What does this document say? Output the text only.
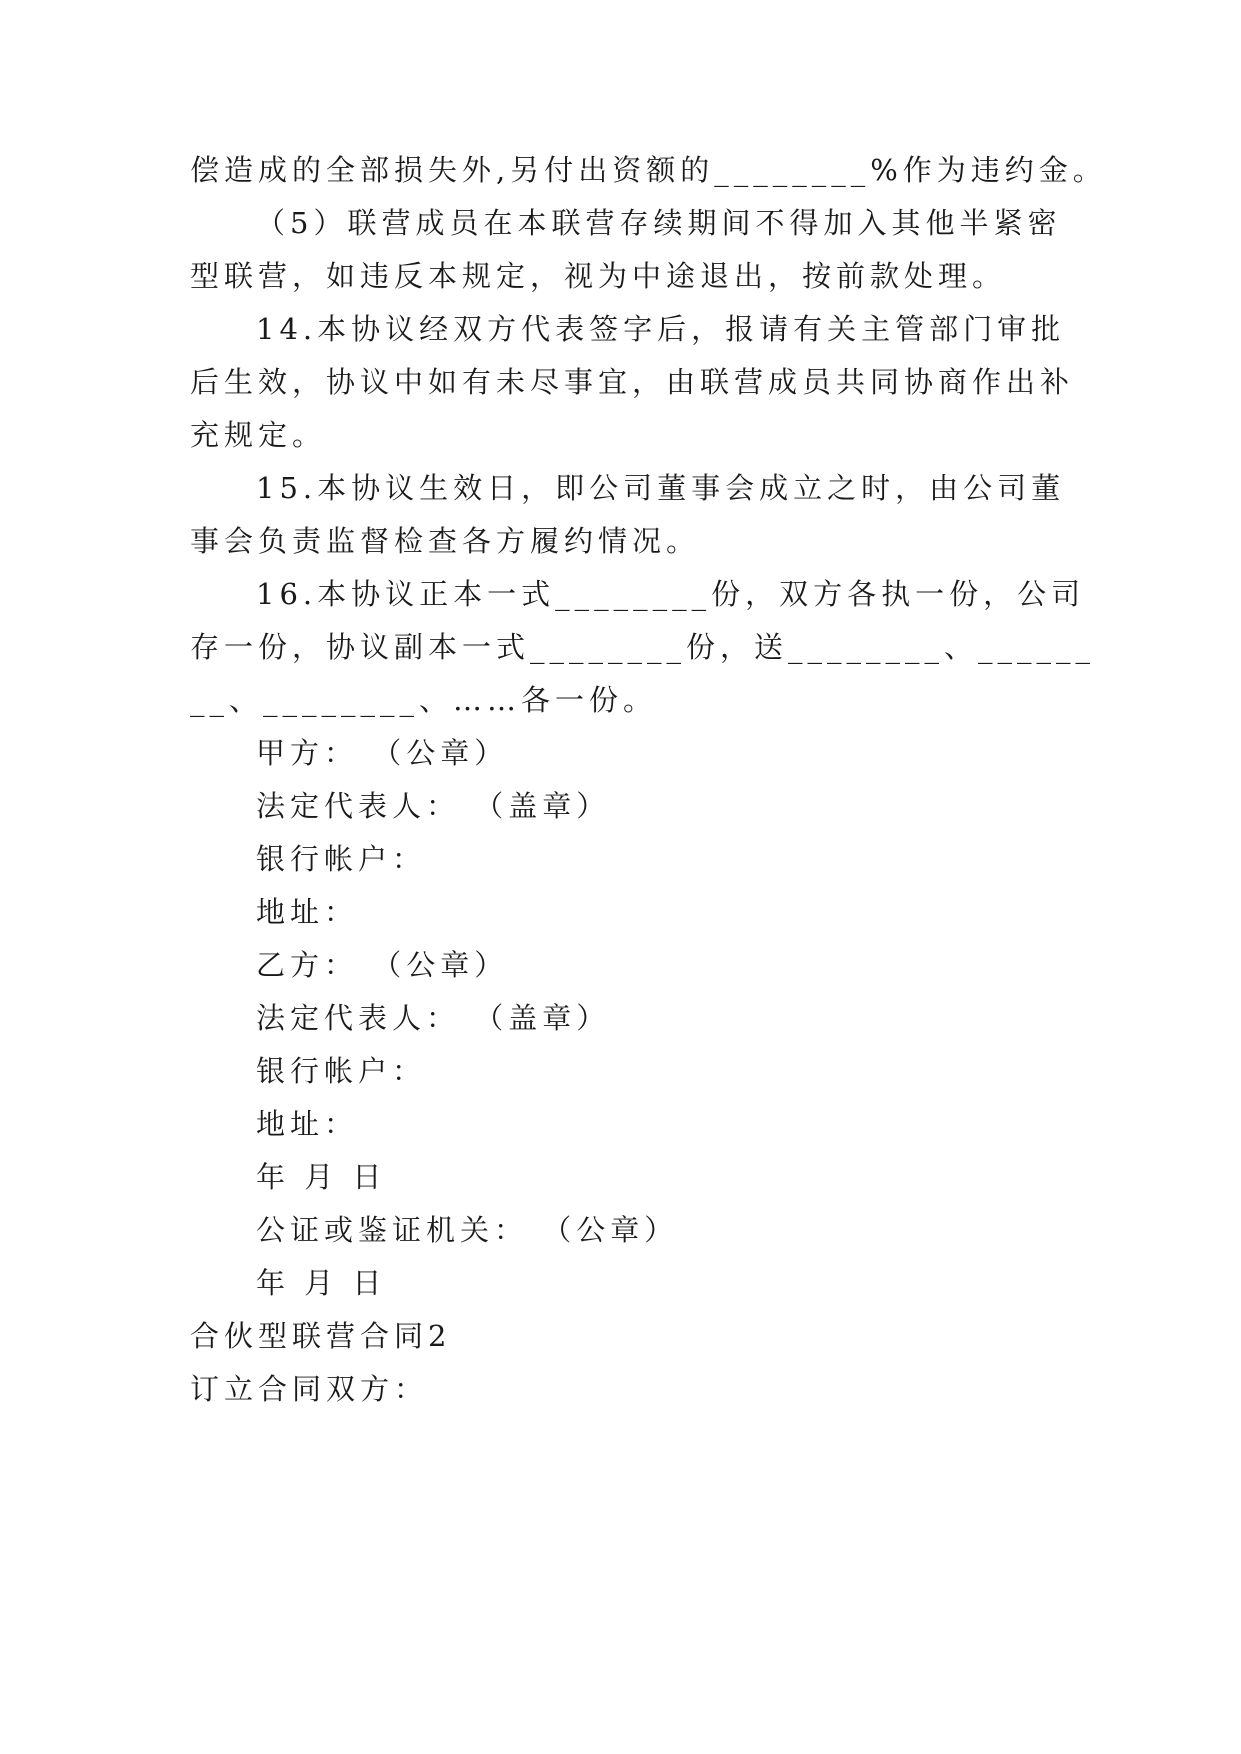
偿造成的全部损失外,另付出资额的________%作为违约金。
（5）联营成员在本联营存续期间不得加入其他半紧密
型联营，如违反本规定，视为中途退出，按前款处理。
14.本协议经双方代表签字后，报请有关主管部门审批
后生效，协议中如有未尽事宜，由联营成员共同协商作出补
充规定。
15.本协议生效日，即公司董事会成立之时，由公司董
事会负责监督检查各方履约情况。
16.本协议正本一式________份，双方各执一份，公司
存一份，协议副本一式________份，送________、______
__、________、……各一份。
甲方： （公章）
法定代表人： （盖章）
银行帐户：
地址：
乙方： （公章）
法定代表人： （盖章）
银行帐户：
地址：
年 月 日
公证或鉴证机关： （公章）
年 月 日
合伙型联营合同2
订立合同双方：
